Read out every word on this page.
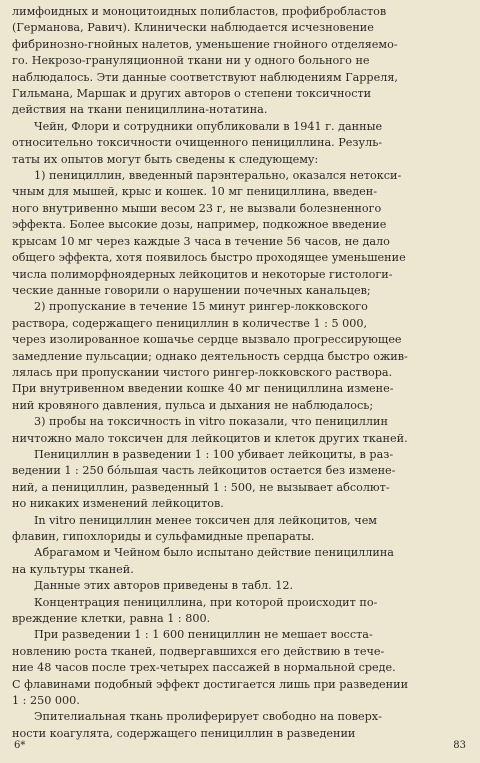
лимфоидных и моноцитоидных полибластов, профибробластов
(Германова, Равич). Клинически наблюдается исчезновение
фибринозно-гнойных налетов, уменьшение гнойного отделяемо-
го. Некрозо-грануляционной ткани ни у одного больного не
наблюдалось. Эти данные соответствуют наблюдениям Гарреля,
Гильмана, Маршак и других авторов о степени токсичности
действия на ткани пенициллина-нотатина.

Чейн, Флори и сотрудники опубликовали в 1941 г. данные
относительно токсичности очищенного пенициллина. Резуль-
таты их опытов могут быть сведены к следующему:

1) пенициллин, введенный парэнтерально, оказался нетокси-
чным для мышей, крыс и кошек. 10 мг пенициллина, введен-
ного внутривенно мыши весом 23 г, не вызвали болезненного
эффекта. Более высокие дозы, например, подкожное введение
крысам 10 мг через каждые 3 часа в течение 56 часов, не дало
общего эффекта, хотя появилось быстро проходящее уменьшение
числа полиморфноядерных лейкоцитов и некоторые гистологи-
ческие данные говорили о нарушении почечных канальцев;

2) пропускание в течение 15 минут рингер-локковского
раствора, содержащего пенициллин в количестве 1 : 5 000,
через изолированное кошачье сердце вызвало прогрессирующее
замедление пульсации; однако деятельность сердца быстро ожив-
лялась при пропускании чистого рингер-локковского раствора.
При внутривенном введении кошке 40 мг пенициллина измене-
ний кровяного давления, пульса и дыхания не наблюдалось;

3) пробы на токсичность in vitro показали, что пенициллин
ничтожно мало токсичен для лейкоцитов и клеток других тканей.

Пенициллин в разведении 1 : 100 убивает лейкоциты, в раз-
ведении 1 : 250 бо́льшая часть лейкоцитов остается без измене-
ний, а пенициллин, разведенный 1 : 500, не вызывает абсолют-
но никаких изменений лейкоцитов.

In vitro пенициллин менее токсичен для лейкоцитов, чем
флавин, гипохлориды и сульфамидные препараты.

Абрагамом и Чейном было испытано действие пенициллина
на культуры тканей.

Данные этих авторов приведены в табл. 12.

Концентрация пенициллина, при которой происходит по-
вреждение клетки, равна 1 : 800.

При разведении 1 : 1 600 пенициллин не мешает восста-
новлению роста тканей, подвергавшихся его действию в тече-
ние 48 часов после трех-четырех пассажей в нормальной среде.
С флавинами подобный эффект достигается лишь при разведении
1 : 250 000.

Эпителиальная ткань пролиферирует свободно на поверх-
ности коагулята, содержащего пенициллин в разведении

6*	83
